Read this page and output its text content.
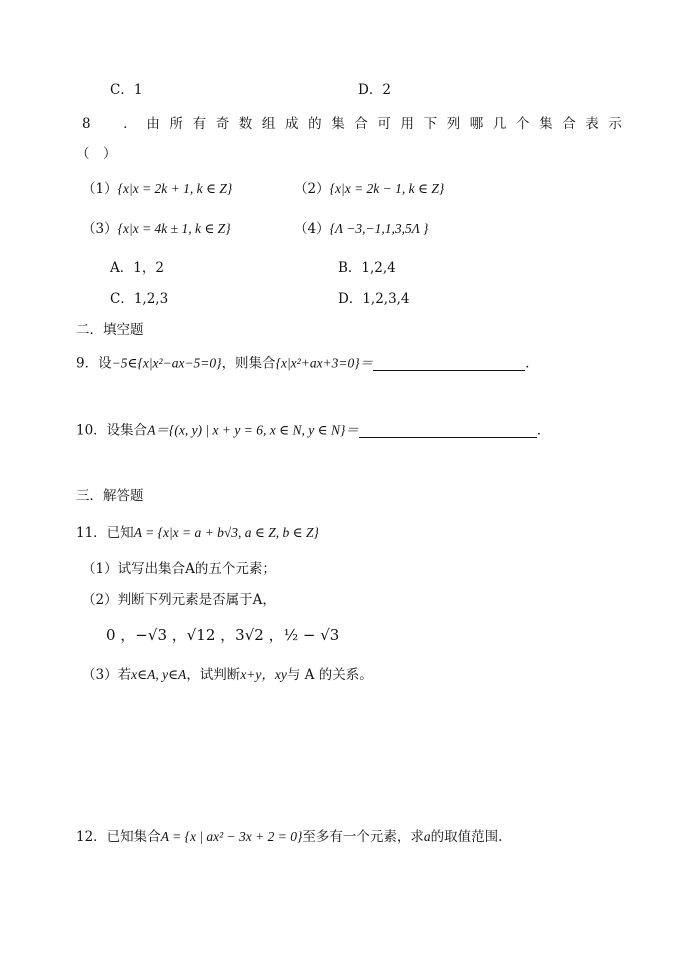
C．1	D．2
8　．由所有奇数组成的集合可用下列哪几个集合表示
（　）
（1）{x|x = 2k + 1, k ∈ Z}	（2）{x|x = 2k − 1, k ∈ Z}
（3）{x|x = 4k ± 1, k ∈ Z}	（4）{Λ −3,−1,1,3,5Λ }
A．1，2	B．1,2,4
C．1,2,3	D．1,2,3,4
二．填空题
9．设−5∈{x|x²−ax−5=0}，则集合{x|x²+ax+3=0}＝	．
10．设集合A＝{(x, y) | x + y = 6, x ∈ N, y ∈ N}＝	．
三．解答题
11．已知A = {x|x = a + b√3, a ∈ Z, b ∈ Z}
（1）试写出集合A的五个元素；
（2）判断下列元素是否属于A，
0 ，−√3 ，√12 ，3√2 ，½ − √3
（3）若x∈A, y∈A，试判断x+y，xy与 A 的关系。
12．已知集合A = {x | ax² − 3x + 2 = 0}至多有一个元素，求a的取值范围.
